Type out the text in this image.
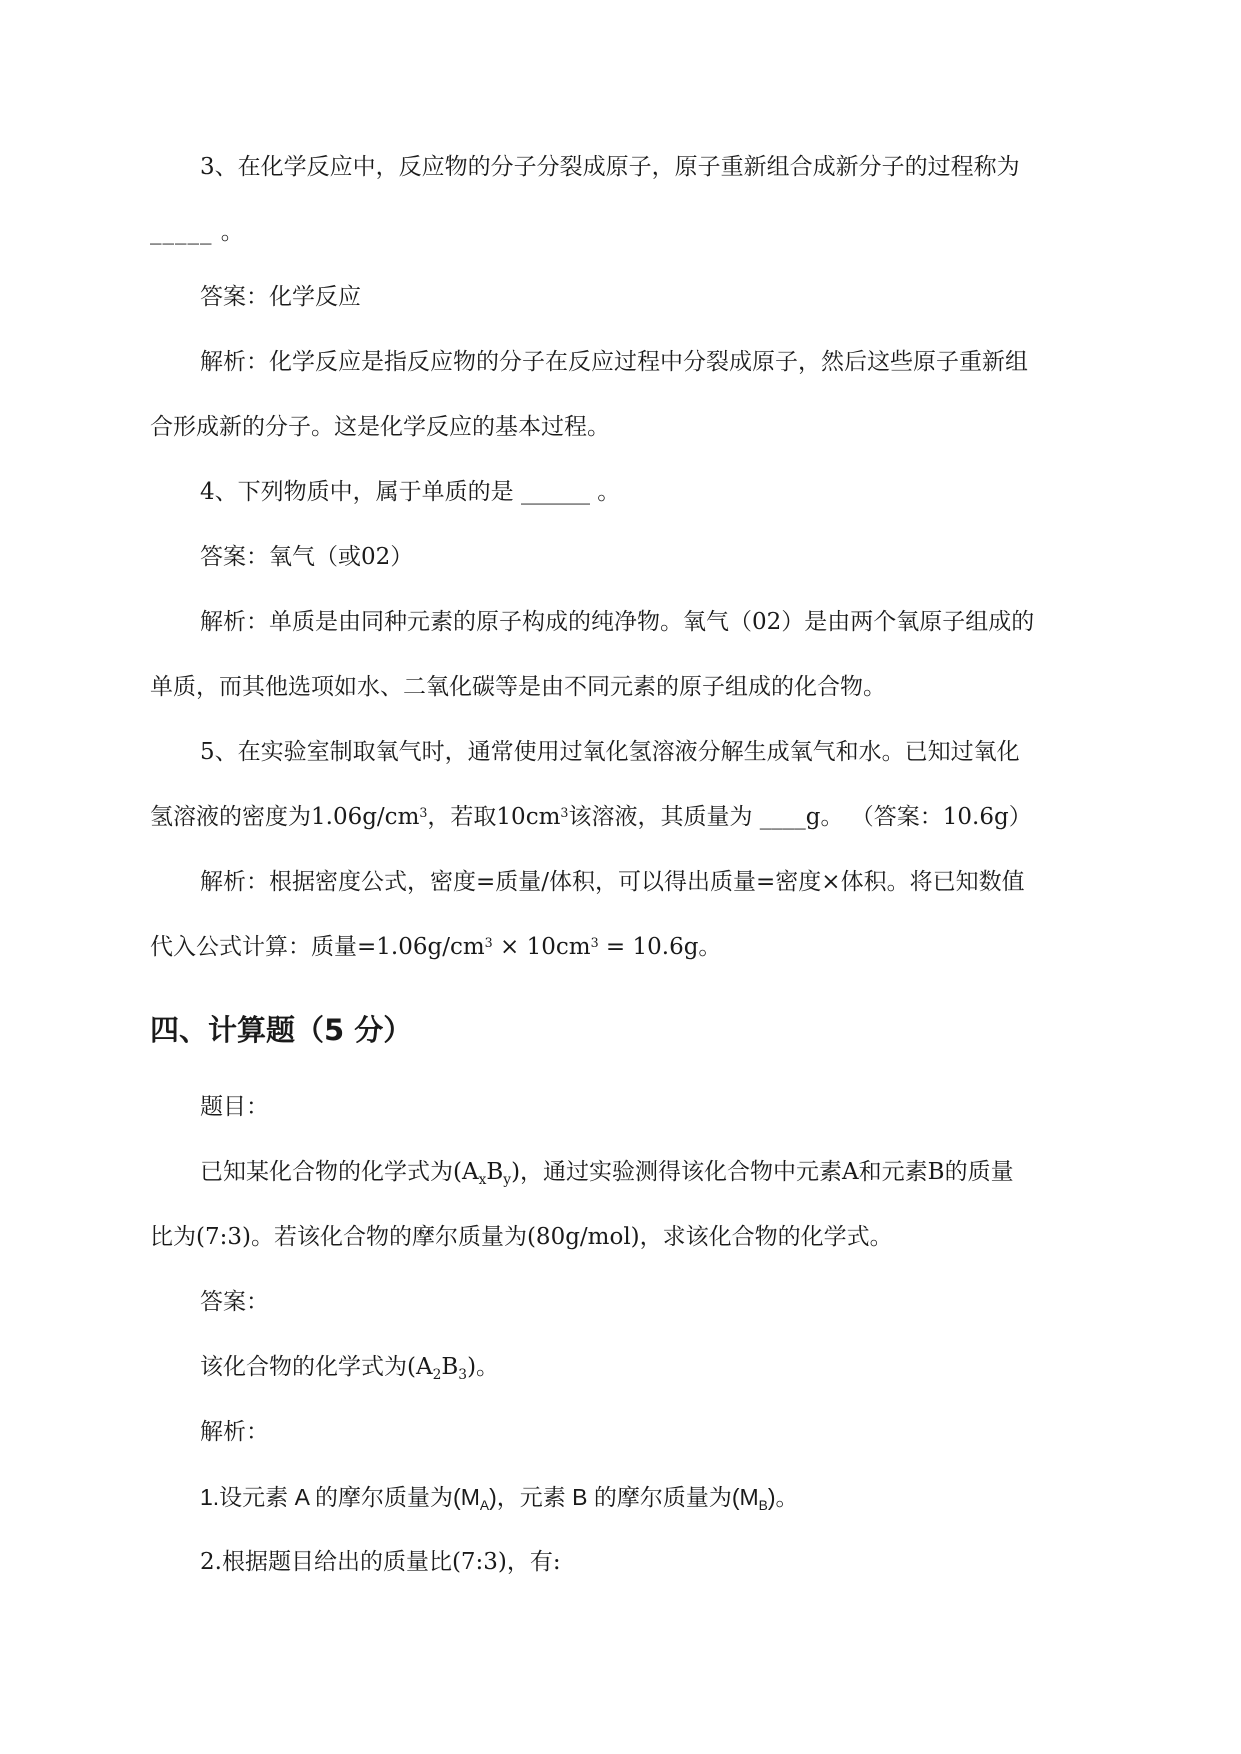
3、在化学反应中，反应物的分子分裂成原子，原子重新组合成新分子的过程称为
_____ 。
答案：化学反应
解析：化学反应是指反应物的分子在反应过程中分裂成原子，然后这些原子重新组
合形成新的分子。这是化学反应的基本过程。
4、下列物质中，属于单质的是 ______ 。
答案：氧气（或02）
解析：单质是由同种元素的原子构成的纯净物。氧气（02）是由两个氧原子组成的
单质，而其他选项如水、二氧化碳等是由不同元素的原子组成的化合物。
5、在实验室制取氧气时，通常使用过氧化氢溶液分解生成氧气和水。已知过氧化
氢溶液的密度为$1.06g/cm^3$，若取$10cm^3$该溶液，其质量为 ____g。 （答案：10.6g）
解析：根据密度公式，密度=质量/体积，可以得出质量=密度×体积。将已知数值
代入公式计算：质量$=1.06g/cm^3 \times 10cm^3 = 10.6g$。
四、计算题（5 分）
题目：
已知某化合物的化学式为$(A_xB_y)$，通过实验测得该化合物中元素A和元素B的质量
比为(7:3)。若该化合物的摩尔质量为(80g/mol)，求该化合物的化学式。
答案：
该化合物的化学式为$(A_2B_3)$。
解析：
1.设元素 A 的摩尔质量为$(M_A)$，元素 B 的摩尔质量为$(M_B)$。
2.根据题目给出的质量比(7:3)，有:
